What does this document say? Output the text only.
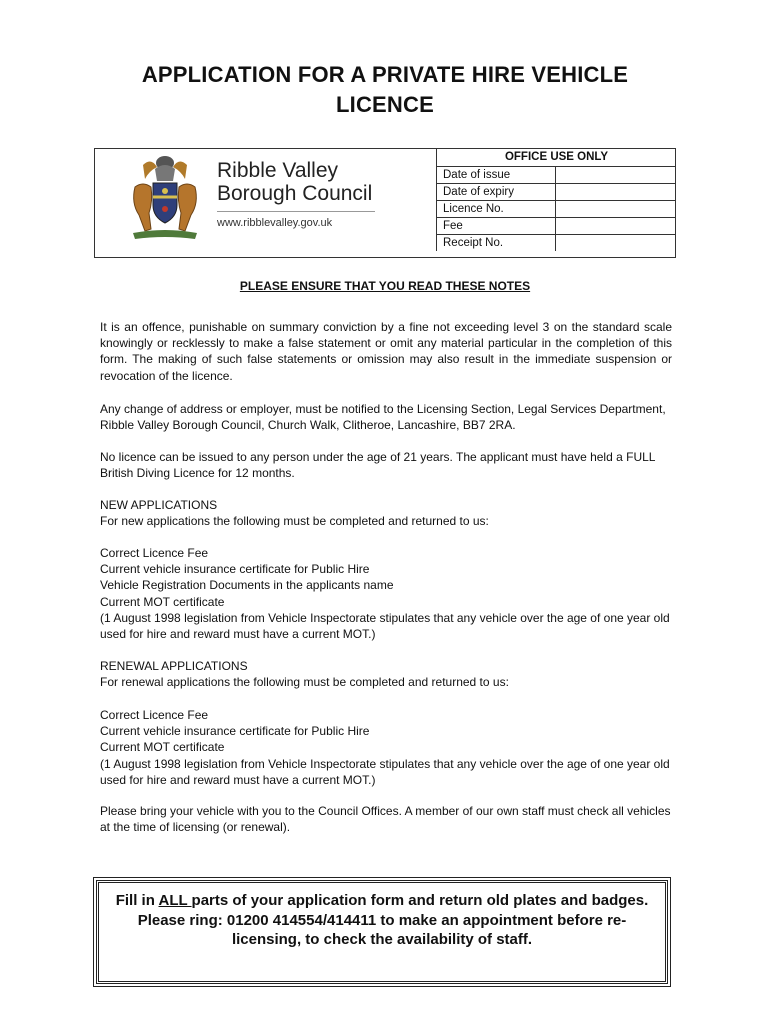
APPLICATION FOR A PRIVATE HIRE VEHICLE
LICENCE
Ribble Valley
Borough Council
www.ribblevalley.gov.uk
OFFICE USE ONLY	
Date of issue	
Date of expiry	
Licence No.	
Fee	
Receipt No.	
PLEASE ENSURE THAT YOU READ THESE NOTES
It is an offence, punishable on summary conviction by a fine not exceeding level 3 on the standard scale knowingly or recklessly to make a false statement or omit any material particular in the completion of this form. The making of such false statements or omission may also result in the immediate suspension or revocation of the licence.
Any change of address or employer, must be notified to the Licensing Section, Legal Services Department, Ribble Valley Borough Council, Church Walk, Clitheroe, Lancashire, BB7 2RA.
No licence can be issued to any person under the age of 21 years. The applicant must have held a FULL British Diving Licence for 12 months.
NEW APPLICATIONS
For new applications the following must be completed and returned to us:
Correct Licence Fee
Current vehicle insurance certificate for Public Hire
Vehicle Registration Documents in the applicants name
Current MOT certificate
(1 August 1998 legislation from Vehicle Inspectorate stipulates that any vehicle over the age of one year old used for hire and reward must have a current MOT.)
RENEWAL APPLICATIONS
For renewal applications the following must be completed and returned to us:
Correct Licence Fee
Current vehicle insurance certificate for Public Hire
Current MOT certificate
(1 August 1998 legislation from Vehicle Inspectorate stipulates that any vehicle over the age of one year old used for hire and reward must have a current MOT.)
Please bring your vehicle with you to the Council Offices. A member of our own staff must check all vehicles at the time of licensing (or renewal).
Fill in ALL parts of your application form and return old plates and badges.
Please ring: 01200 414554/414411 to make an appointment before re-licensing, to check the availability of staff.
